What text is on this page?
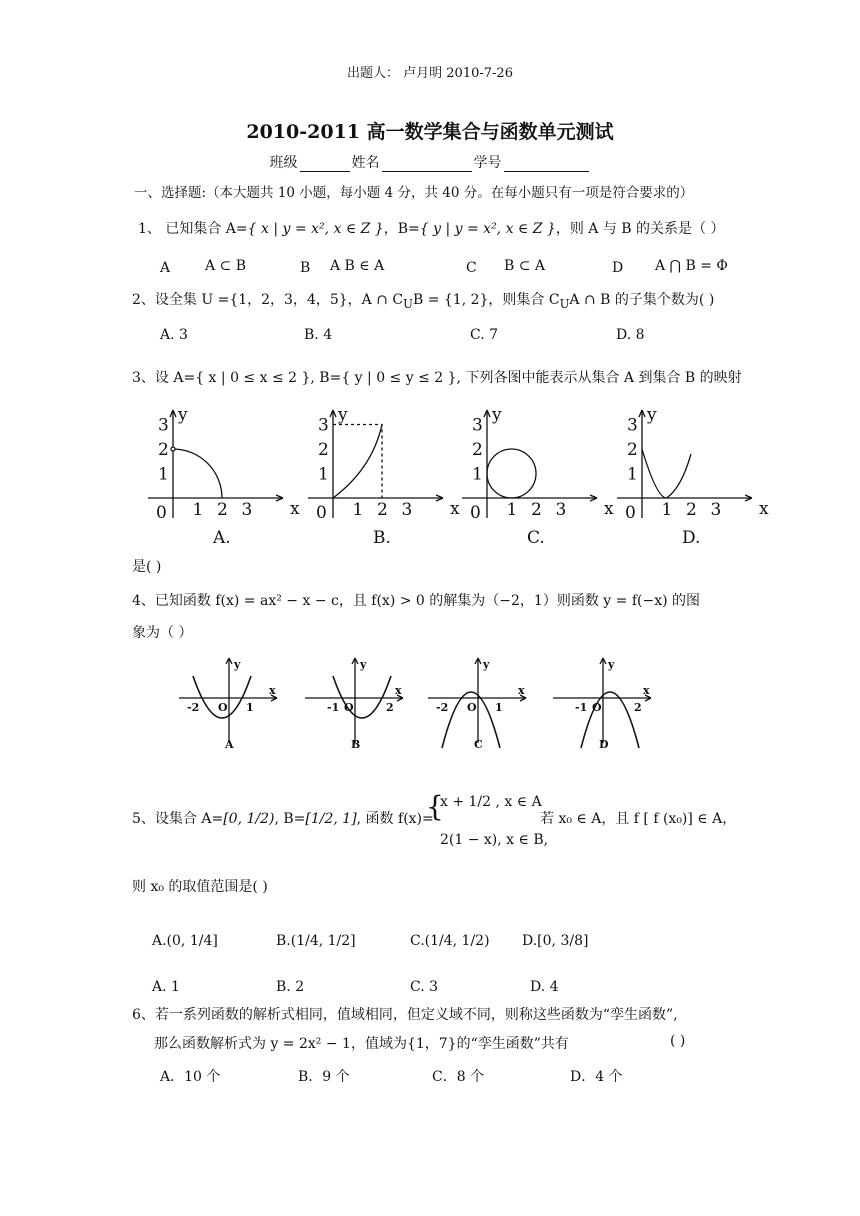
出题人： 卢月明 2010-7-26
2010-2011 高一数学集合与函数单元测试
班级	姓名	学号
一、选择题:（本大题共 10 小题，每小题 4 分，共 40 分。在每小题只有一项是符合要求的）
1、 已知集合 A={ x | y = x², x ∈ Z }，B={ y | y = x², x ∈ Z }，则 A 与 B 的关系是（ ）
A A ⊂ B	B A B ∈ A	C B ⊂ A	D A ⋂ B = Φ
2、设全集 U ={1，2，3，4，5}，A ∩ $C_UB = \{1$, 2}，则集合 $C_UA$ ∩ B 的子集个数为( )
A. 3	B. 4	C. 7	D. 8
3、设 A={ x | 0 ≤ x ≤ 2 }, B={ y | 0 ≤ y ≤ 2 }, 下列各图中能表示从集合 A 到集合 B 的映射
x
y
0
3
2
1
1 2 3
A.
x
y
0
3
2
1
1 2 3
B.
x
y
0
3
2
1
1 2 3
C.
x
y
0
3
2
1
1 2 3
D.
是( )
4、已知函数 f(x) = ax² − x − c，且 f(x) > 0 的解集为（−2，1）则函数 y = f(−x) 的图
象为（ ）
-2	1
O
y
x
A
-1	2
O
y
x
B
-2	1
O
y
x
C
-1	2
O
y
x
D
5、设集合 A=[0, 1/2), B=[1/2, 1], 函数 f(x)=
{
x + 1/2 , x ∈ A
2(1 − x), x ∈ B,
若 x₀ ∈ A，且 f [ f (x₀)] ∈ A，
则 x₀ 的取值范围是( )
A.(0, 1/4]	B.(1/4, 1/2]	C.(1/4, 1/2) D.[0, 3/8]
A. 1	B. 2	C. 3	D. 4
6、若一系列函数的解析式相同，值域相同，但定义域不同，则称这些函数为“孪生函数”,
那么函数解析式为 y = 2x² − 1，值域为{1，7}的“孪生函数”共有	( )
A．10 个	B．9 个	C．8 个	D．4 个
